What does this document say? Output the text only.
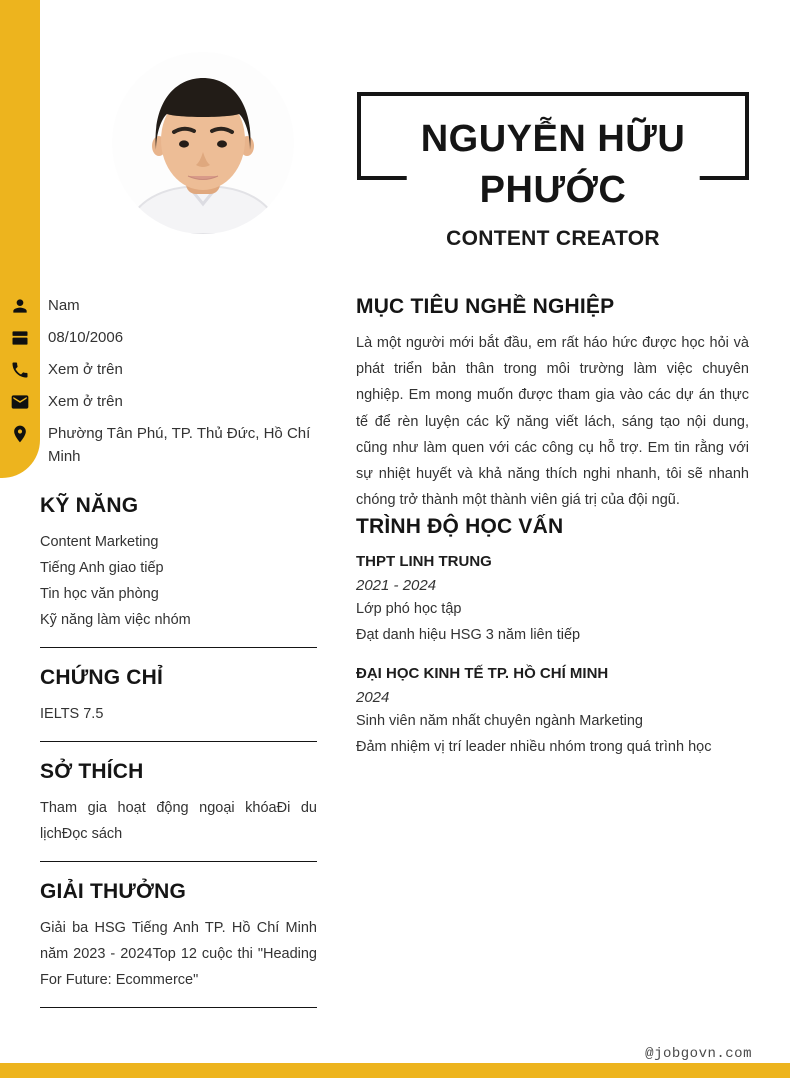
NGUYỄN HỮU
PHƯỚC
CONTENT CREATOR
Nam
08/10/2006
Xem ở trên
Xem ở trên
Phường Tân Phú, TP. Thủ Đức, Hồ Chí Minh
KỸ NĂNG
Content Marketing
Tiếng Anh giao tiếp
Tin học văn phòng
Kỹ năng làm việc nhóm
CHỨNG CHỈ
IELTS 7.5
SỞ THÍCH

Tham gia hoạt động ngoại khóaĐi du lịchĐọc sách

GIẢI THƯỞNG

Giải ba HSG Tiếng Anh TP. Hồ Chí Minh năm 2023 - 2024Top 12 cuộc thi "Heading For Future: Ecommerce"

MỤC TIÊU NGHỀ NGHIỆP

Là một người mới bắt đầu, em rất háo hức được học hỏi và phát triển bản thân trong môi trường làm việc chuyên nghiệp. Em mong muốn được tham gia vào các dự án thực tế để rèn luyện các kỹ năng viết lách, sáng tạo nội dung, cũng như làm quen với các công cụ hỗ trợ. Em tin rằng với sự nhiệt huyết và khả năng thích nghi nhanh, tôi sẽ nhanh chóng trở thành một thành viên giá trị của đội ngũ.

TRÌNH ĐỘ HỌC VẤN
THPT LINH TRUNG
2021 - 2024
Lớp phó học tập
Đạt danh hiệu HSG 3 năm liên tiếp
ĐẠI HỌC KINH TẾ TP. HỒ CHÍ MINH
2024
Sinh viên năm nhất chuyên ngành Marketing
Đảm nhiệm vị trí leader nhiều nhóm trong quá trình học
@jobgovn.com
